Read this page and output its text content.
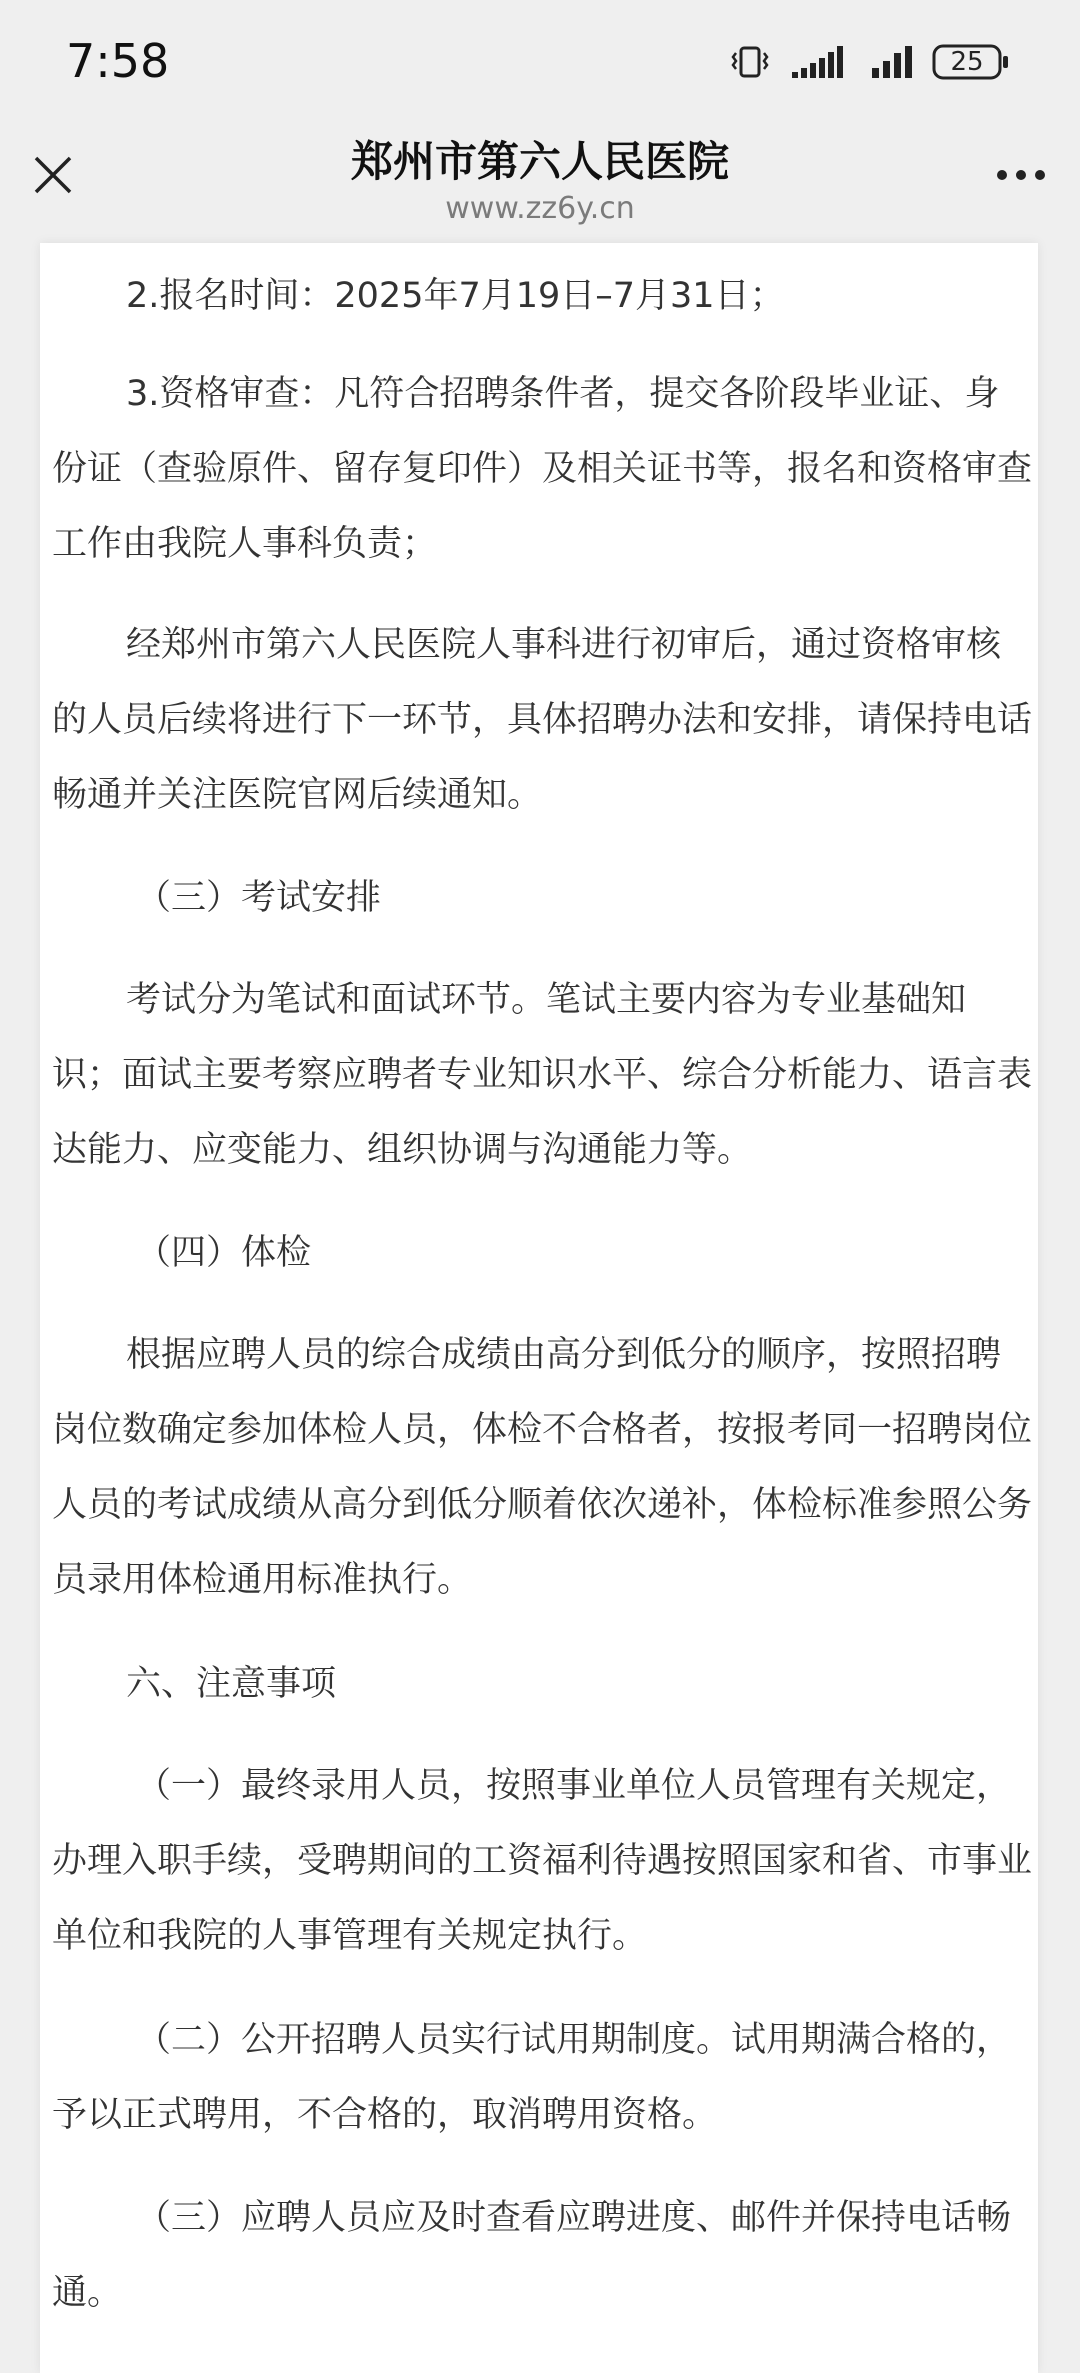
7:58	25
郑州市第六人民医院
www.zz6y.cn

2.报名时间：2025年7月19日–7月31日；

3.资格审查：凡符合招聘条件者，提交各阶段毕业证、身份证（查验原件、留存复印件）及相关证书等，报名和资格审查工作由我院人事科负责；

经郑州市第六人民医院人事科进行初审后，通过资格审核的人员后续将进行下一环节，具体招聘办法和安排，请保持电话畅通并关注医院官网后续通知。

（三）考试安排

考试分为笔试和面试环节。笔试主要内容为专业基础知识；面试主要考察应聘者专业知识水平、综合分析能力、语言表达能力、应变能力、组织协调与沟通能力等。

（四）体检

根据应聘人员的综合成绩由高分到低分的顺序，按照招聘岗位数确定参加体检人员，体检不合格者，按报考同一招聘岗位人员的考试成绩从高分到低分顺着依次递补，体检标准参照公务员录用体检通用标准执行。

六、注意事项

（一）最终录用人员，按照事业单位人员管理有关规定，办理入职手续，受聘期间的工资福利待遇按照国家和省、市事业单位和我院的人事管理有关规定执行。

（二）公开招聘人员实行试用期制度。试用期满合格的，予以正式聘用，不合格的，取消聘用资格。

（三）应聘人员应及时查看应聘进度、邮件并保持电话畅通。
